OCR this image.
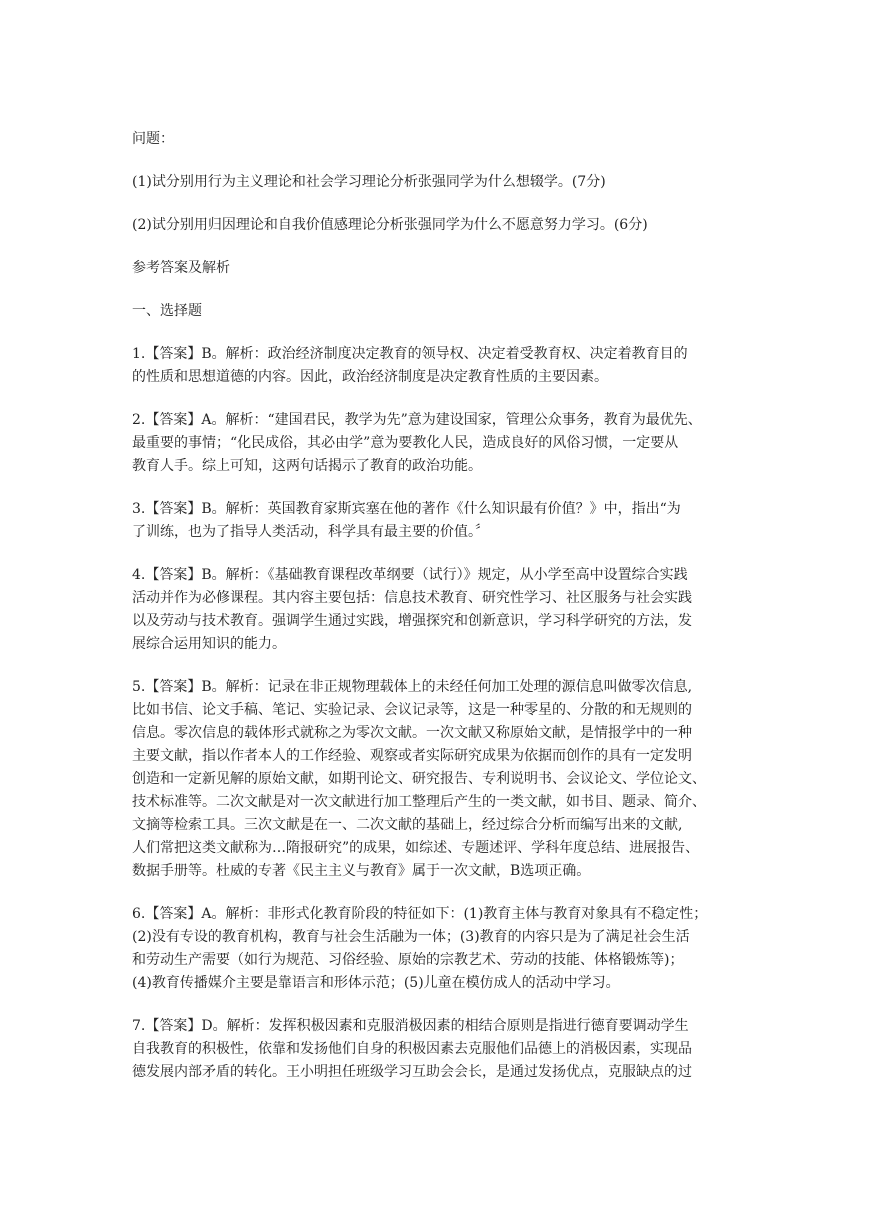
问题：
(1)试分别用行为主义理论和社会学习理论分析张强同学为什么想辍学。(7分)
(2)试分别用归因理论和自我价值感理论分析张强同学为什么不愿意努力学习。(6分)
参考答案及解析
一、选择题
1.【答案】B。解析：政治经济制度决定教育的领导权、决定着受教育权、决定着教育目的
的性质和思想道德的内容。因此，政治经济制度是决定教育性质的主要因素。
2.【答案】A。解析：“建国君民，教学为先”意为建设国家，管理公众事务，教育为最优先、
最重要的事情；“化民成俗，其必由学”意为要教化人民，造成良好的风俗习惯，一定要从
教育人手。综上可知，这两句话揭示了教育的政治功能。
3.【答案】B。解析：英国教育家斯宾塞在他的著作《什么知识最有价值？》中，指出“为
了训练，也为了指导人类活动，科学具有最主要的价值。〞
4.【答案】B。解析：《基础教育课程改革纲要（试行）》规定，从小学至高中设置综合实践
活动并作为必修课程。其内容主要包括：信息技术教育、研究性学习、社区服务与社会实践
以及劳动与技术教育。强调学生通过实践，增强探究和创新意识，学习科学研究的方法，发
展综合运用知识的能力。
5.【答案】B。解析：记录在非正规物理载体上的未经任何加工处理的源信息叫做零次信息,
比如书信、论文手稿、笔记、实验记录、会议记录等，这是一种零星的、分散的和无规则的
信息。零次信息的载体形式就称之为零次文献。一次文献又称原始文献，是情报学中的一种
主要文献，指以作者本人的工作经验、观察或者实际研究成果为依据而创作的具有一定发明
创造和一定新见解的原始文献，如期刊论文、研究报告、专利说明书、会议论文、学位论文、
技术标准等。二次文献是对一次文献进行加工整理后产生的一类文献，如书目、题录、简介、
文摘等检索工具。三次文献是在一、二次文献的基础上，经过综合分析而编写出来的文献,
人们常把这类文献称为…隋报研究”的成果，如综述、专题述评、学科年度总结、进展报告、
数据手册等。杜威的专著《民主主义与教育》属于一次文献，B选项正确。
6.【答案】A。解析：非形式化教育阶段的特征如下：(1)教育主体与教育对象具有不稳定性；
(2)没有专设的教育机构，教育与社会生活融为一体；(3)教育的内容只是为了满足社会生活
和劳动生产需要（如行为规范、习俗经验、原始的宗教艺术、劳动的技能、体格锻炼等)；
(4)教育传播媒介主要是靠语言和形体示范；(5)儿童在模仿成人的活动中学习。
7.【答案】D。解析：发挥积极因素和克服消极因素的相结合原则是指进行德育要调动学生
自我教育的积极性，依靠和发扬他们自身的积极因素去克服他们品德上的消极因素，实现品
德发展内部矛盾的转化。王小明担任班级学习互助会会长，是通过发扬优点，克服缺点的过
